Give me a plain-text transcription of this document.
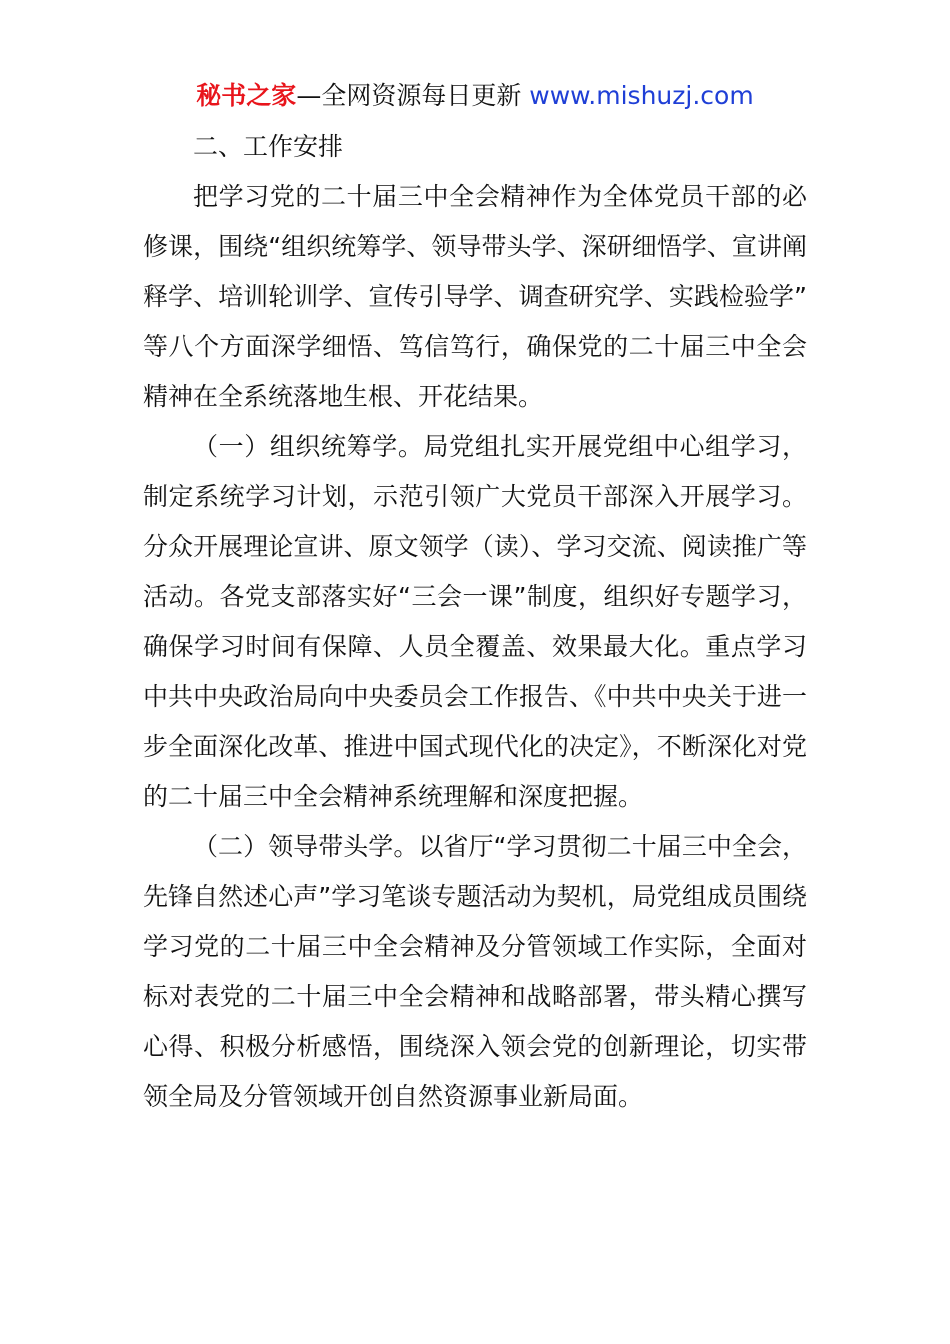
秘书之家—全网资源每日更新 www.mishuzj.com
二、工作安排

把学习党的二十届三中全会精神作为全体党员干部的必修课，围绕“组织统筹学、领导带头学、深研细悟学、宣讲阐释学、培训轮训学、宣传引导学、调查研究学、实践检验学”等八个方面深学细悟、笃信笃行，确保党的二十届三中全会精神在全系统落地生根、开花结果。

（一）组织统筹学。局党组扎实开展党组中心组学习，制定系统学习计划，示范引领广大党员干部深入开展学习。分众开展理论宣讲、原文领学（读）、学习交流、阅读推广等活动。各党支部落实好“三会一课”制度，组织好专题学习，确保学习时间有保障、人员全覆盖、效果最大化。重点学习中共中央政治局向中央委员会工作报告、《中共中央关于进一步全面深化改革、推进中国式现代化的决定》，不断深化对党的二十届三中全会精神系统理解和深度把握。

（二）领导带头学。以省厅“学习贯彻二十届三中全会，先锋自然述心声”学习笔谈专题活动为契机，局党组成员围绕学习党的二十届三中全会精神及分管领域工作实际，全面对标对表党的二十届三中全会精神和战略部署，带头精心撰写心得、积极分析感悟，围绕深入领会党的创新理论，切实带领全局及分管领域开创自然资源事业新局面。
